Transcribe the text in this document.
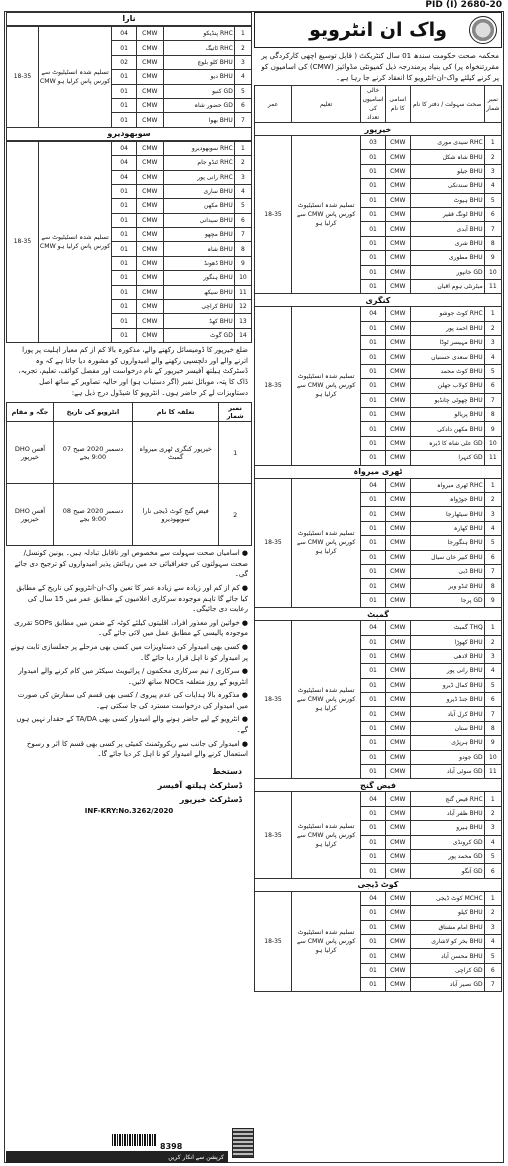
PID (I) 2680-20
واک ان انٹرویو
محکمہ صحت حکومت سندھ 01 سال کنٹریکٹ ( قابل توسیع اچھی کارکردگی پر مقررتنخواہ پر) کی بنیاد پرمندرجہ ذیل کمیونٹی مڈوائیز (CMW) کی اسامیوں کو پر کرنے کیلئے واک-ان-انٹرویو کا انعقاد کرنے جا رہا ہے۔
عمر	تعلیم	خالی اسامیوں کی تعداد	اسامی کا نام	صحت سہولت / دفتر کا نام	نمبر شمار
خیرپور					
18-35	تسلیم شدہ انسٹیٹیوٹ سے CMW کورس پاس کرلیا ہو	03	CMW	RHC سیدی موری	1
		01	CMW	BHU شاہ شکل	2
		01	CMW	BHU جیلو	3
		01	CMW	BHU سندنکی	4
		01	CMW	BHU ہیوٹ	5
		01	CMW	BHU لونگ فقیر	6
		01	CMW	BHU آبدی	7
		01	CMW	BHU شری	8
		01	CMW	BHU مطوری	9
		01	CMW	GD خانپور	10
		01	CMW	میٹرنٹی ہوم اقبان	11
کنگری					
18-35	تسلیم شدہ انسٹیٹیوٹ سے CMW کورس پاس کرلیا ہو	04	CMW	RHC کوٹ جوشو	1
		01	CMW	BHU احمد پور	2
		01	CMW	BHU مہیسر ٹوڈا	3
		01	CMW	BHU سعدی حسنیاں	4
		01	CMW	BHU کوٹ محمد	5
		01	CMW	BHU کولاب جھلن	6
		01	CMW	BHU چھوٹی چانڈیو	7
		01	CMW	BHU پریالو	8
		01	CMW	BHU مکھن دادکی	9
		01	CMW	GD علی شاہ کا ڈیرہ	10
		01	CMW	GD کنہرا	11
ٹھری میرواہ					
18-35	تسلیم شدہ انسٹیٹیوٹ سے CMW کورس پاس کرلیا ہو	04	CMW	RHC ٹھری میرواہ	1
		01	CMW	BHU جوڑواہ	2
		01	CMW	BHU سیٹھارجا	3
		01	CMW	BHU کھارہ	4
		01	CMW	BHU ہنگورجا	5
		01	CMW	BHU کبیر خان سیال	6
		01	CMW	BHU ڈبی	7
		01	CMW	BHU ٹنڈو ویر	8
		01	CMW	GD پرجا	9
گمبٹ					
18-35	تسلیم شدہ انسٹیٹیوٹ سے CMW کورس پاس کرلیا ہو	04	CMW	THQ گمبٹ	1
		01	CMW	BHU کھوڑا	2
		01	CMW	BHU لادھی	3
		01	CMW	BHU رانی پور	4
		01	CMW	BHU کمال ڈیرو	5
		01	CMW	BHU جنڈ ڈیرو	6
		01	CMW	BHU کرل آباد	7
		01	CMW	BHU ستان	8
		01	CMW	BHU ہرپڑی	9
		01	CMW	GD جودو	10
		01	CMW	GD سوئی آباد	11
فیض گنج					
18-35	تسلیم شدہ انسٹیٹیوٹ سے CMW کورس پاس کرلیا ہو	04	CMW	RHC فیض گنج	1
		01	CMW	BHU ظفر آباد	2
		01	CMW	BHU ہیرو	3
		01	CMW	GD کرونڈی	4
		01	CMW	GD محمد پور	5
		01	CMW	GD آنگو	6
کوٹ ڈیجی					
18-35	تسلیم شدہ انسٹیٹیوٹ سے CMW کورس پاس کرلیا ہو	04	CMW	MCHC کوٹ ڈیجی	1
		01	CMW	BHU کیلو	2
		01	CMW	BHU امام مشتاق	3
		01	CMW	BHU بخر کو لاشاری	4
		01	CMW	BHU محسن آباد	5
		01	CMW	GD کراچی	6
		01	CMW	GD نصیر آباد	7
نارا
18-35	تسلیم شدہ انسٹیٹیوٹ سے CMW کورس پاس کرلیا ہو	04	CMW	RHC پنڈیکو	1
		01	CMW	RHC ٹاتیگ	2
		02	CMW	BHU کلو بلوچ	3
		01	CMW	BHU دیو	4
		01	CMW	GD کنبو	5
		01	CMW	GD حضور شاہ	6
		01	CMW	BHU بھوا	7
سوبھودیرو
18-35	تسلیم شدہ انسٹیٹیوٹ سے CMW کورس پاس کرلیا ہو	04	CMW	RHC سوبھودیرو	1
		04	CMW	RHC ٹنڈو جام	2
		04	CMW	RHC رانی پور	3
		01	CMW	BHU ساری	4
		01	CMW	BHU مکھن	5
		01	CMW	BHU سیدانی	6
		01	CMW	BHU مچھو	7
		01	CMW	BHU شاہ	8
		01	CMW	BHU ڈھونڈ	9
		01	CMW	BHU ہنگور	10
		01	CMW	BHU سیکھ	11
		01	CMW	BHU کراچی	12
		01	CMW	BHU کھڈ	13
		01	CMW	GD گوٹ	14
ضلع خیرپور کا ڈومیسائل رکھنے والے، مذکورہ بالا کم از کم معیار اہلیت پر پورا اترنے والے اور دلچسپی رکھنے والے امیدواروں کو مشورہ دیا جاتا ہے کہ وہ ڈسٹرکٹ ہیلتھ آفیسر خیرپور کے نام درخواست اور مفصل کوائف، تعلیم، تجربہ، ڈاک کا پتہ، موبائل نمبر (اگر دستیاب ہو) اور حالیہ تصاویر کے ساتھ اصل دستاویزات لے کر حاضر ہوں۔ انٹرویو کا شیڈول درج ذیل ہے:
جگہ و مقام	انٹرویو کی تاریخ	تعلقہ کا نام	نمبر شمار
DHO آفس خیرپور	07 دسمبر 2020 صبح 9:00 بجے	خیرپور کنگری ٹھری میرواہ گمبٹ	1
DHO آفس خیرپور	08 دسمبر 2020 صبح 9:00 بجے	فیض گنج کوٹ ڈیجی نارا سوبھودیرو	2
● اسامیاں صحت سہولت سے مخصوص اور ناقابل تبادلہ ہیں۔ یونین کونسل/صحت سہولتوں کی جغرافیائی حد میں رہائش پذیر امیدواروں کو ترجیح دی جائے گی۔
● کم از کم اور زیادہ سے زیادہ عمر کا تعین واک-ان-انٹرویو کی تاریخ کے مطابق کیا جائے گا تاہم موجودہ سرکاری اعلامیوں کے مطابق عمر میں 15 سال کی رعایت دی جائیگی۔
● خواتین اور معذور افراد، اقلیتوں کیلئے کوٹہ کے ضمن میں مطابق SOPs تقرری موجودہ پالیسی کے مطابق عمل میں لائی جائے گی۔
● کسی بھی امیدوار کی دستاویزات میں کسی بھی مرحلے پر جعلسازی ثابت ہونے پر امیدوار کو نا اہل قرار دیا جائے گا۔
● سرکاری / نیم سرکاری محکموں / پرائیویٹ سیکٹر میں کام کرنے والے امیدوار انٹرویو کے روز متعلقہ NOCs ساتھ لائیں۔
● مذکورہ بالا ہدایات کی عدم پیروی / کسی بھی قسم کی سفارش کی صورت میں امیدوار کی درخواست مسترد کی جا سکتی ہے۔
● انٹرویو کے لیے حاضر ہونے والے امیدوار کسی بھی TA/DA کے حقدار نہیں ہوں گے۔
● امیدوار کی جانب سے ریکروٹمنٹ کمیٹی پر کسی بھی قسم کا اثر و رسوخ استعمال کرنے والے امیدوار کو نا اہل کر دیا جائے گا۔
دستخط
ڈسٹرکٹ ہیلتھ آفیسر
ڈسٹرکٹ خیرپور
INF-KRY:No.3262/2020
8398
کرپشن سے انکار کریں
